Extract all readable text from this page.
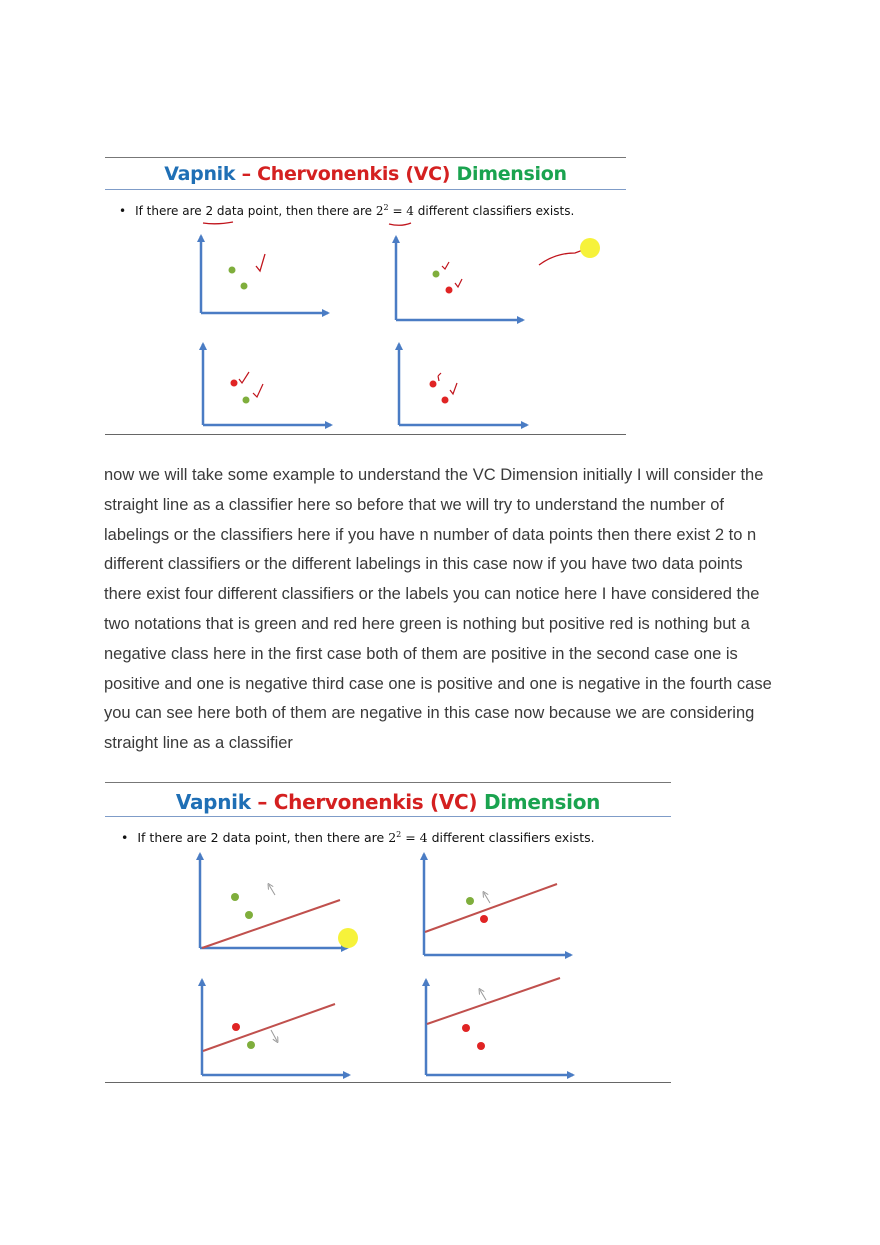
Vapnik – Chervonenkis (VC) Dimension
• If there are 2 data point, then there are $2^2 = 4$ different classifiers exists.

now we will take some example to understand the VC Dimension initially I will consider the straight line as a classifier here so before that we will try to understand the number of labelings or the classifiers here if you have n number of data points then there exist 2 to n different classifiers or the different labelings in this case now if you have two data points there exist four different classifiers or the labels you can notice here I have considered the two notations that is green and red here green is nothing but positive red is nothing but a negative class here in the first case both of them are positive in the second case one is positive and one is negative third case one is positive and one is negative in the fourth case you can see here both of them are negative in this case now because we are considering straight line as a classifier

Vapnik – Chervonenkis (VC) Dimension
• If there are 2 data point, then there are $2^2 = 4$ different classifiers exists.
